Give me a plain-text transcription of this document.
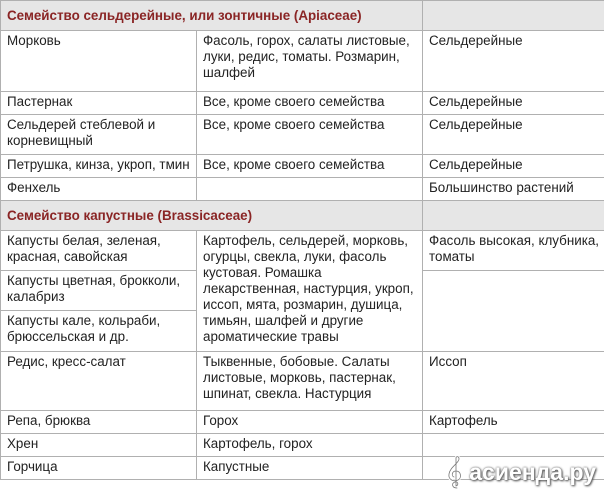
Семейство сельдерейные, или зонтичные (Apiaceae)		
Морковь	Фасоль, горох, салаты листовые, луки, редис, томаты. Розмарин, шалфей	Сельдерейные
Пастернак	Все, кроме своего семейства	Сельдерейные
Сельдерей стеблевой и корневищный	Все, кроме своего семейства	Сельдерейные
Петрушка, кинза, укроп, тмин	Все, кроме своего семейства	Сельдерейные
Фенхель		Большинство растений
Семейство капустные (Brassicaceae)		
Капусты белая, зеленая, красная, савойская	Картофель, сельдерей, морковь, огурцы, свекла, луки, фасоль кустовая. Ромашка лекарственная, настурция, укроп, иссоп, мята, розмарин, душица, тимьян, шалфей и другие ароматические травы	Фасоль высокая, клубника, томаты
Капусты цветная, брокколи, калабриз		
Капусты кале, кольраби, брюссельская и др.		
Редис, кресс-салат	Тыквенные, бобовые. Салаты листовые, морковь, пастернак, шпинат, свекла. Настурция	Иссоп
Репа, брюква	Горох	Картофель
Хрен	Картофель, горох	
Горчица	Капустные		асиенда.ру
